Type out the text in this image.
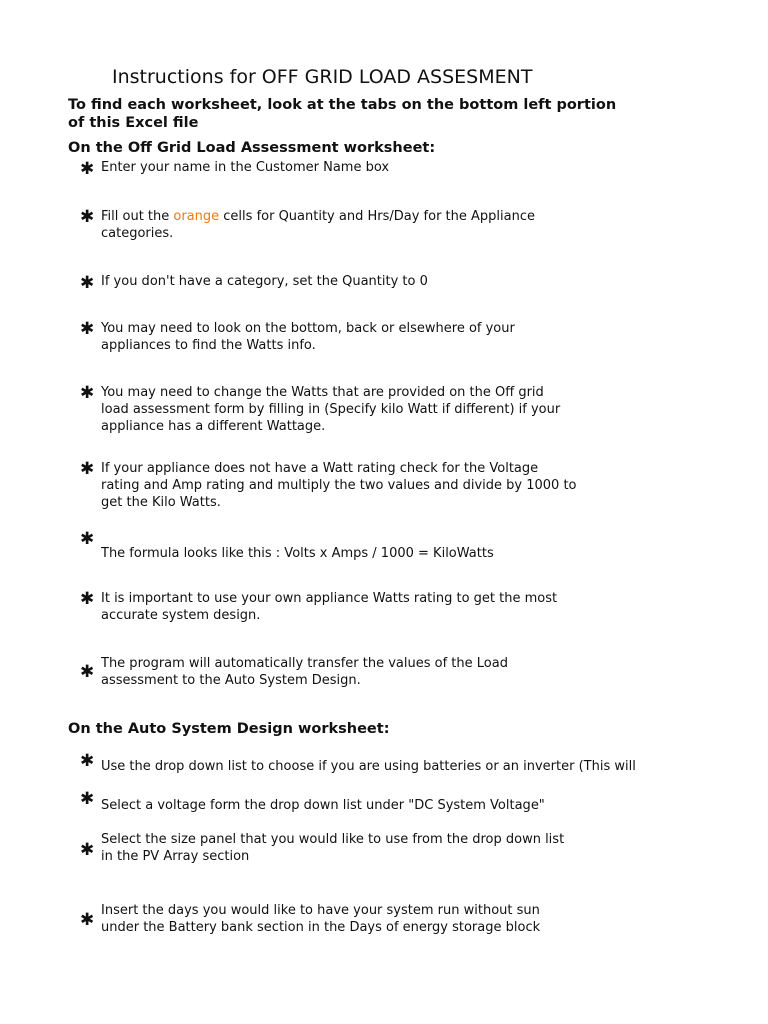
Instructions for OFF GRID LOAD ASSESMENT
To find each worksheet, look at the tabs on the bottom left portion of this Excel file
On the Off Grid Load Assessment worksheet:
✱ Enter your name in the Customer Name box
✱ Fill out the orange cells for Quantity and Hrs/Day for the Appliance
categories.
✱ If you don't have a category, set the Quantity to 0
✱ You may need to look on the bottom, back or elsewhere of your
appliances to find the Watts info.
✱ You may need to change the Watts that are provided on the Off grid
load assessment form by filling in (Specify kilo Watt if different) if your
appliance has a different Wattage.
✱ If your appliance does not have a Watt rating check for the Voltage
rating and Amp rating and multiply the two values and divide by 1000 to
get the Kilo Watts.
✱
The formula looks like this : Volts x Amps / 1000 = KiloWatts
✱ It is important to use your own appliance Watts rating to get the most
accurate system design.
✱ The program will automatically transfer the values of the Load
assessment to the Auto System Design.
On the Auto System Design worksheet:
✱ Use the drop down list to choose if you are using batteries or an inverter (This will
✱ Select a voltage form the drop down list under "DC System Voltage"
✱
Select the size panel that you would like to use from the drop down list
in the PV Array section
✱ Insert the days you would like to have your system run without sun
under the Battery bank section in the Days of energy storage block
